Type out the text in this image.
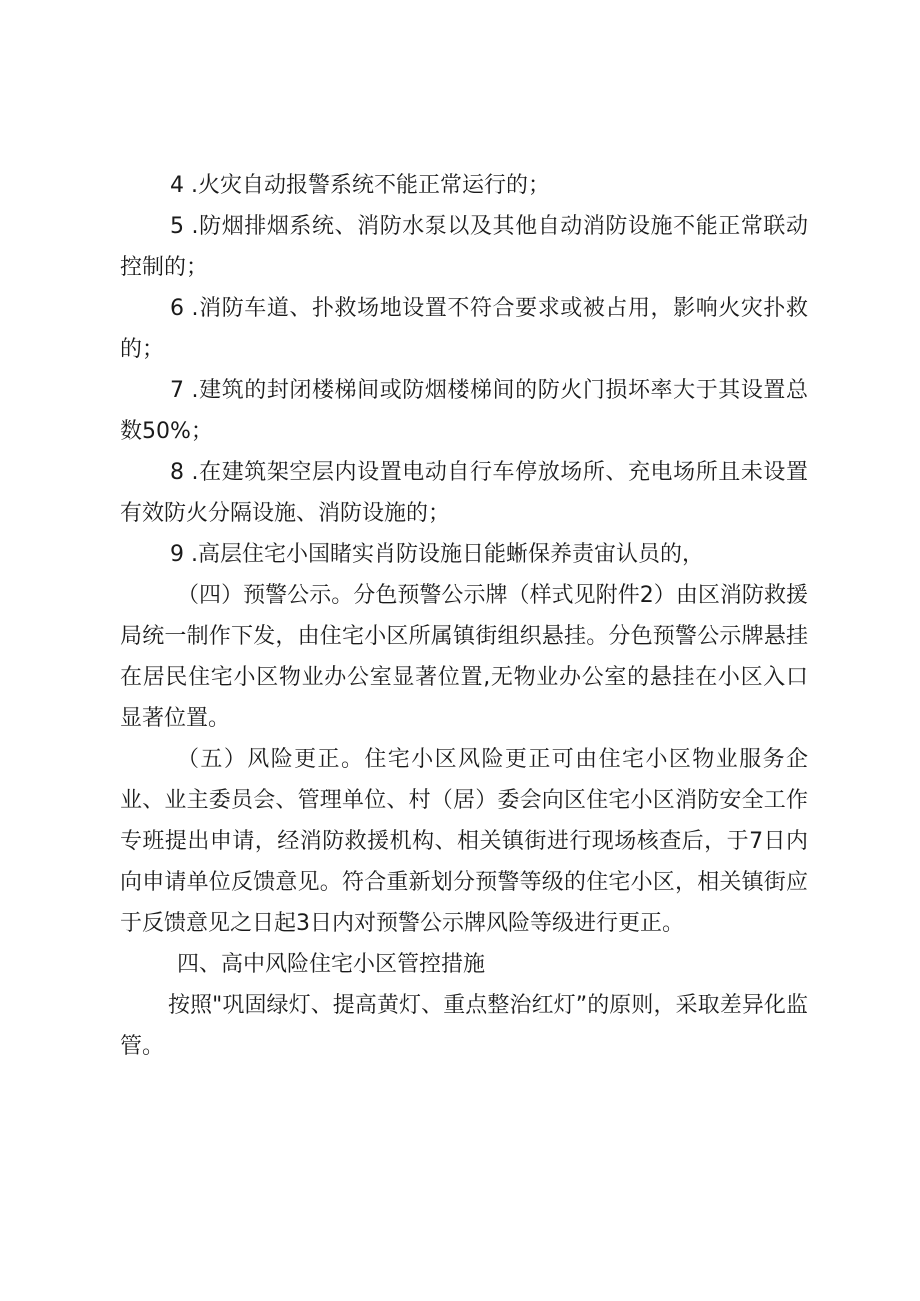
4 .火灾自动报警系统不能正常运行的；

5 .防烟排烟系统、消防水泵以及其他自动消防设施不能正常联动控制的；

6 .消防车道、扑救场地设置不符合要求或被占用，影响火灾扑救的；

7 .建筑的封闭楼梯间或防烟楼梯间的防火门损坏率大于其设置总数50%；

8 .在建筑架空层内设置电动自行车停放场所、充电场所且未设置有效防火分隔设施、消防设施的；

9 .高层住宅小国睹实肖防设施日能蜥保养责宙认员的，

（四）预警公示。分色预警公示牌（样式见附件2）由区消防救援局统一制作下发，由住宅小区所属镇街组织悬挂。分色预警公示牌悬挂在居民住宅小区物业办公室显著位置,无物业办公室的悬挂在小区入口显著位置。

（五）风险更正。住宅小区风险更正可由住宅小区物业服务企业、业主委员会、管理单位、村（居）委会向区住宅小区消防安全工作专班提出申请，经消防救援机构、相关镇街进行现场核查后，于7日内向申请单位反馈意见。符合重新划分预警等级的住宅小区，相关镇街应于反馈意见之日起3日内对预警公示牌风险等级进行更正。

四、高中风险住宅小区管控措施

按照"巩固绿灯、提高黄灯、重点整治红灯”的原则，采取差异化监管。
